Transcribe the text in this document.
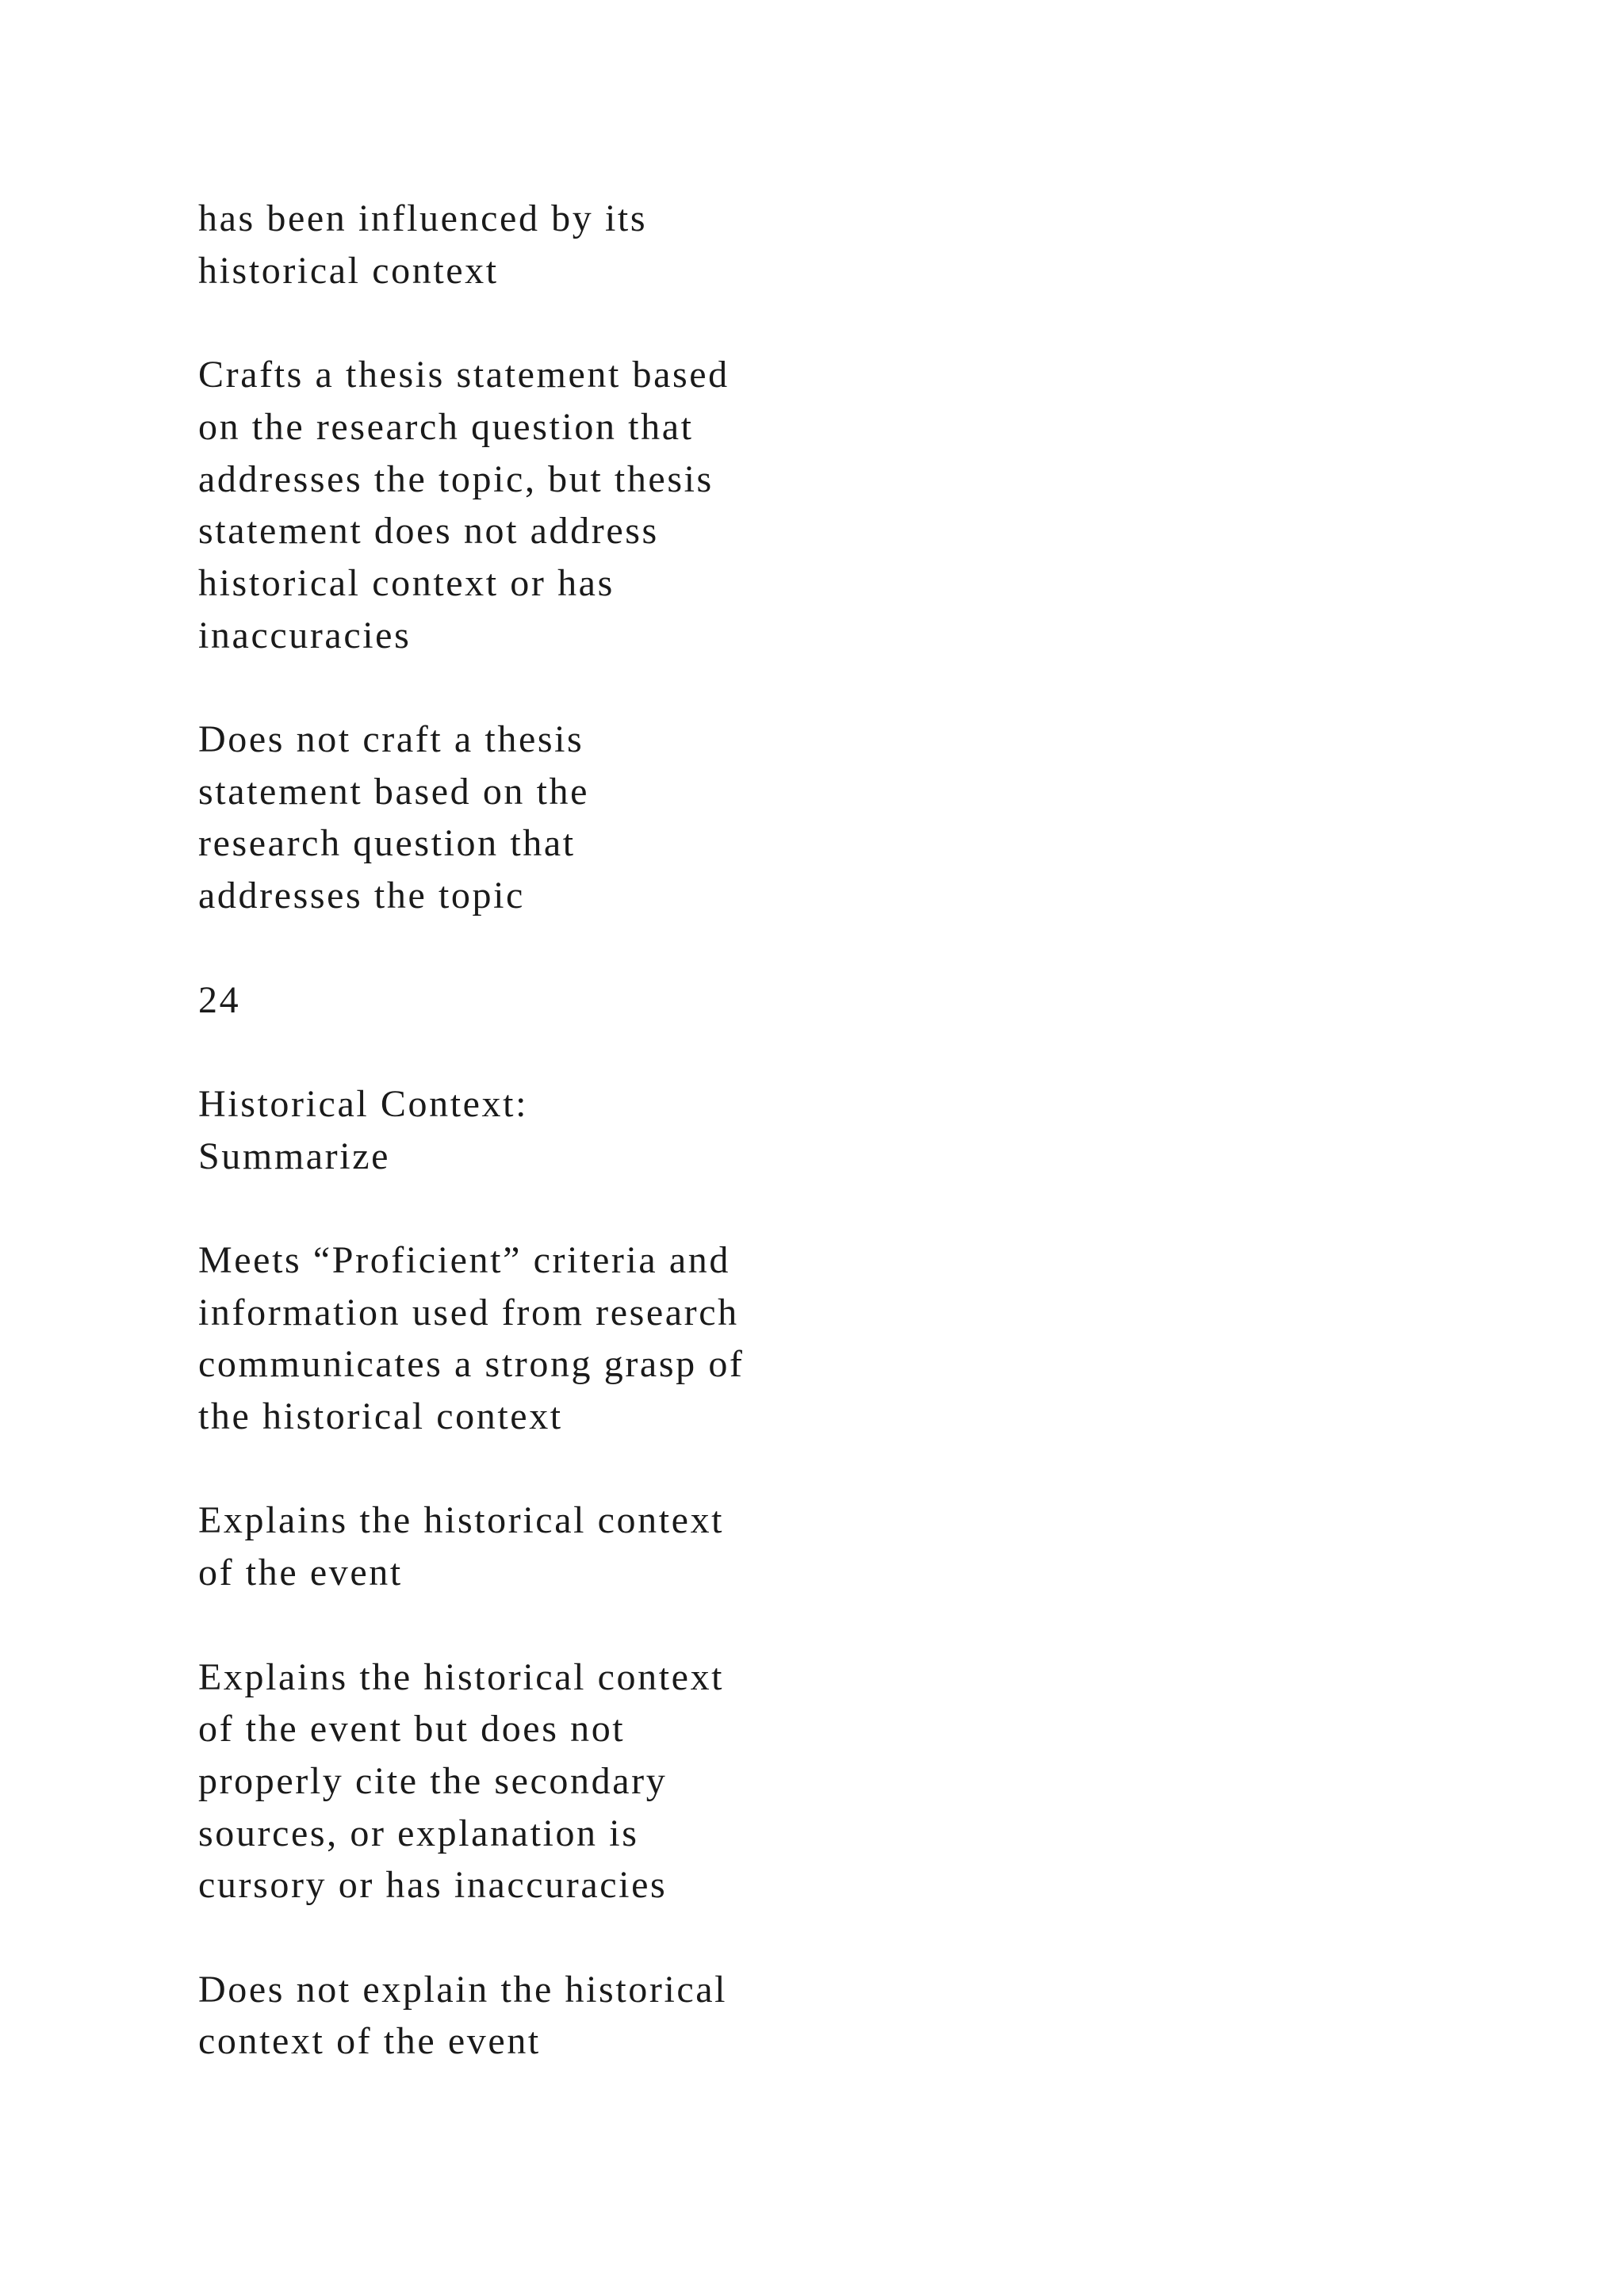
has been influenced by its
historical context

Crafts a thesis statement based
on the research question that
addresses the topic, but thesis
statement does not address
historical context or has
inaccuracies

Does not craft a thesis
statement based on the
research question that
addresses the topic

24

Historical Context:
Summarize

Meets “Proficient” criteria and
information used from research
communicates a strong grasp of
the historical context

Explains the historical context
of the event

Explains the historical context
of the event but does not
properly cite the secondary
sources, or explanation is
cursory or has inaccuracies

Does not explain the historical
context of the event
